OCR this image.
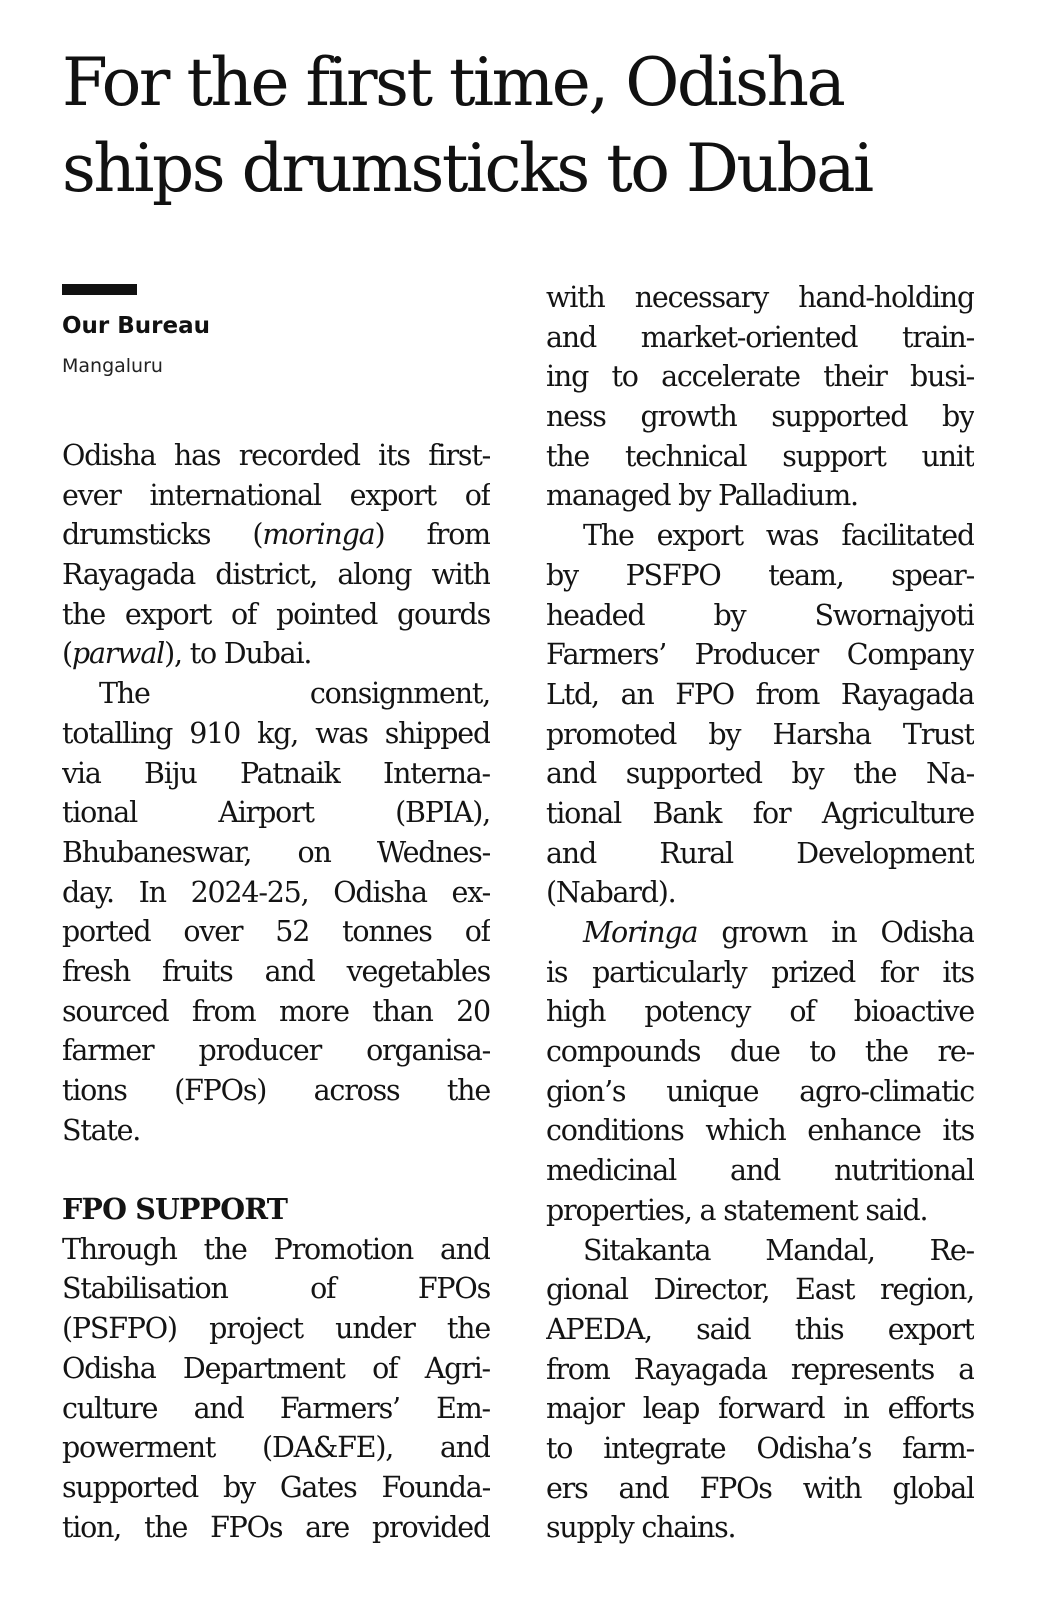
For the first time, Odisha
ships drumsticks to Dubai
Our Bureau
Mangaluru
Odisha has recorded its first-
ever international export of
drumsticks (moringa) from
Rayagada district, along with
the export of pointed gourds
(parwal), to Dubai.
The consignment,
totalling 910 kg, was shipped
via Biju Patnaik Interna-
tional Airport (BPIA),
Bhubaneswar, on Wednes-
day. In 2024-25, Odisha ex-
ported over 52 tonnes of
fresh fruits and vegetables
sourced from more than 20
farmer producer organisa-
tions (FPOs) across the
State.
FPO SUPPORT
Through the Promotion and
Stabilisation of FPOs
(PSFPO) project under the
Odisha Department of Agri-
culture and Farmers’ Em-
powerment (DA&FE), and
supported by Gates Founda-
tion, the FPOs are provided
with necessary hand-holding
and market-oriented train-
ing to accelerate their busi-
ness growth supported by
the technical support unit
managed by Palladium.
The export was facilitated
by PSFPO team, spear-
headed by Swornajyoti
Farmers’ Producer Company
Ltd, an FPO from Rayagada
promoted by Harsha Trust
and supported by the Na-
tional Bank for Agriculture
and Rural Development
(Nabard).
Moringa grown in Odisha
is particularly prized for its
high potency of bioactive
compounds due to the re-
gion’s unique agro-climatic
conditions which enhance its
medicinal and nutritional
properties, a statement said.
Sitakanta Mandal, Re-
gional Director, East region,
APEDA, said this export
from Rayagada represents a
major leap forward in efforts
to integrate Odisha’s farm-
ers and FPOs with global
supply chains.
